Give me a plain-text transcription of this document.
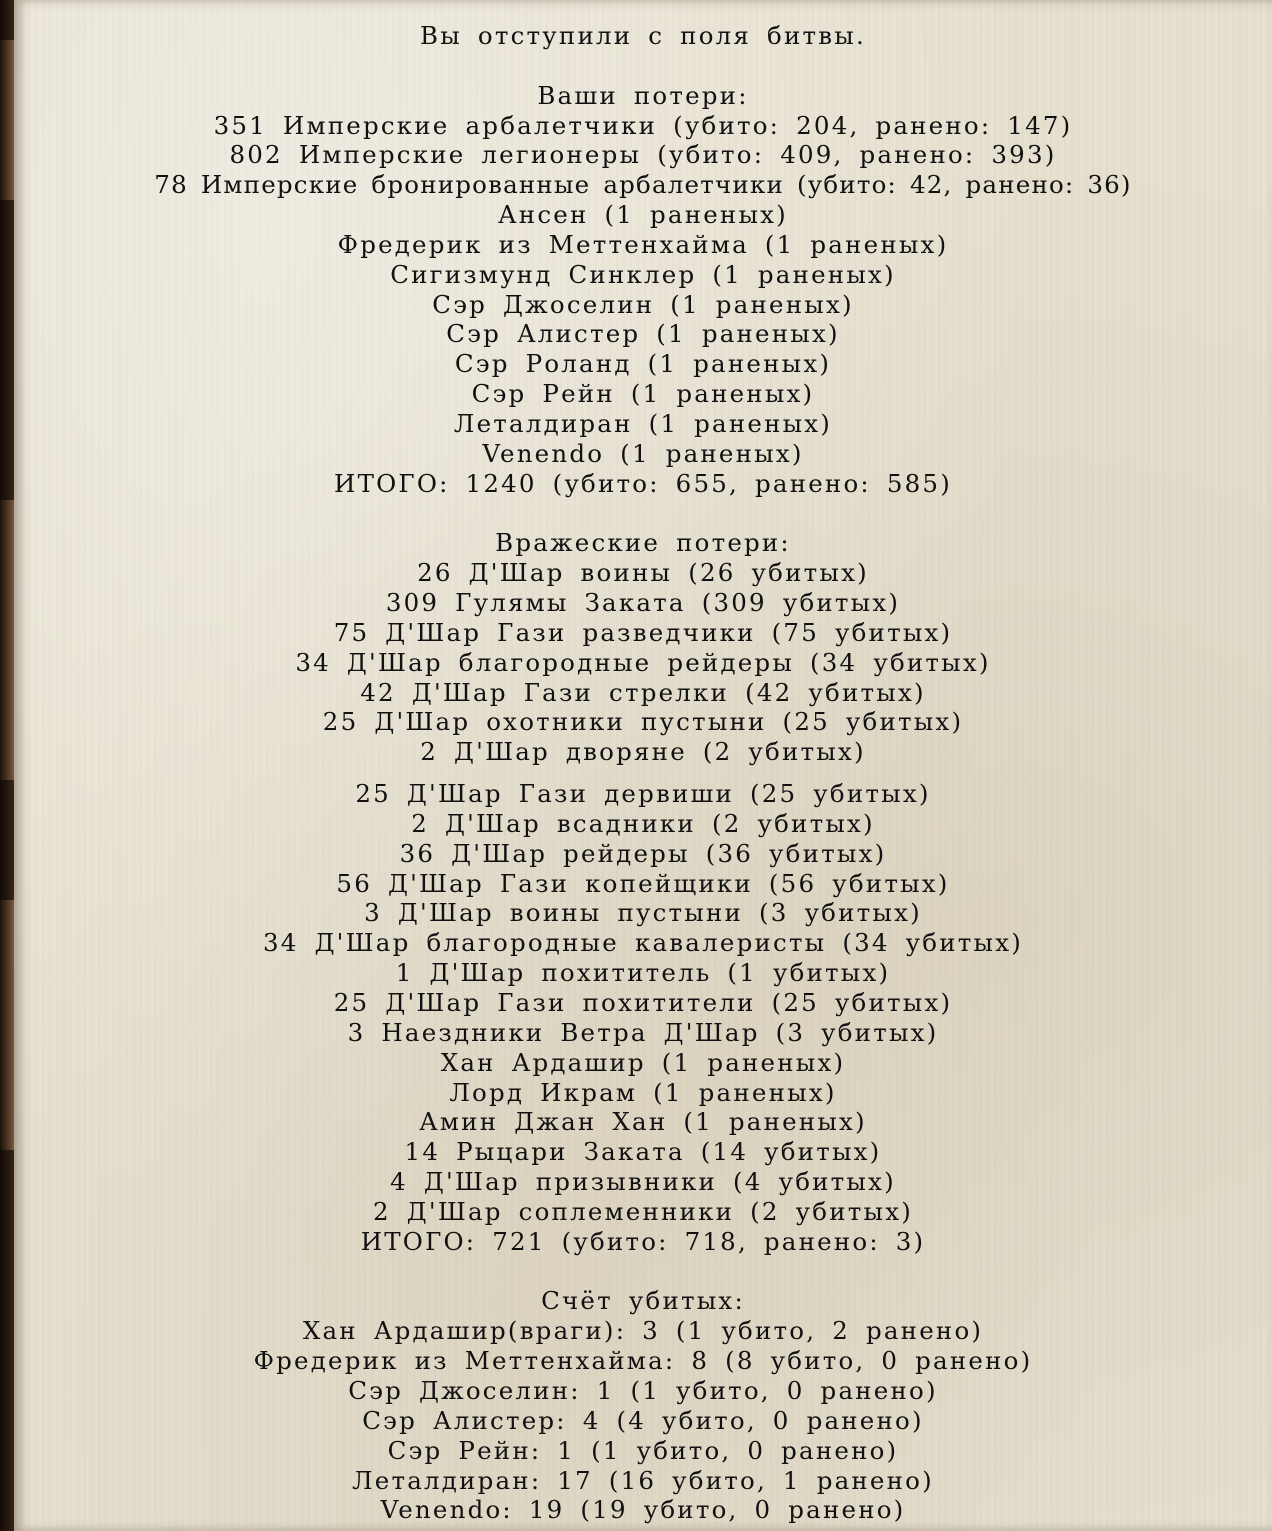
Вы отступили с поля битвы.
Ваши потери:
351 Имперские арбалетчики (убито: 204, ранено: 147)
802 Имперские легионеры (убито: 409, ранено: 393)
78 Имперские бронированные арбалетчики (убито: 42, ранено: 36)
Ансен (1 раненых)
Фредерик из Меттенхайма (1 раненых)
Сигизмунд Синклер (1 раненых)
Сэр Джоселин (1 раненых)
Сэр Алистер (1 раненых)
Сэр Роланд (1 раненых)
Сэр Рейн (1 раненых)
Леталдиран (1 раненых)
Venendo (1 раненых)
ИТОГО: 1240 (убито: 655, ранено: 585)
Вражеские потери:
26 Д'Шар воины (26 убитых)
309 Гулямы Заката (309 убитых)
75 Д'Шар Гази разведчики (75 убитых)
34 Д'Шар благородные рейдеры (34 убитых)
42 Д'Шар Гази стрелки (42 убитых)
25 Д'Шар охотники пустыни (25 убитых)
2 Д'Шар дворяне (2 убитых)
25 Д'Шар Гази дервиши (25 убитых)
2 Д'Шар всадники (2 убитых)
36 Д'Шар рейдеры (36 убитых)
56 Д'Шар Гази копейщики (56 убитых)
3 Д'Шар воины пустыни (3 убитых)
34 Д'Шар благородные кавалеристы (34 убитых)
1 Д'Шар похититель (1 убитых)
25 Д'Шар Гази похитители (25 убитых)
3 Наездники Ветра Д'Шар (3 убитых)
Хан Ардашир (1 раненых)
Лорд Икрам (1 раненых)
Амин Джан Хан (1 раненых)
14 Рыцари Заката (14 убитых)
4 Д'Шар призывники (4 убитых)
2 Д'Шар соплеменники (2 убитых)
ИТОГО: 721 (убито: 718, ранено: 3)
Счёт убитых:
Хан Ардашир(враги): 3 (1 убито, 2 ранено)
Фредерик из Меттенхайма: 8 (8 убито, 0 ранено)
Сэр Джоселин: 1 (1 убито, 0 ранено)
Сэр Алистер: 4 (4 убито, 0 ранено)
Сэр Рейн: 1 (1 убито, 0 ранено)
Леталдиран: 17 (16 убито, 1 ранено)
Venendo: 19 (19 убито, 0 ранено)
